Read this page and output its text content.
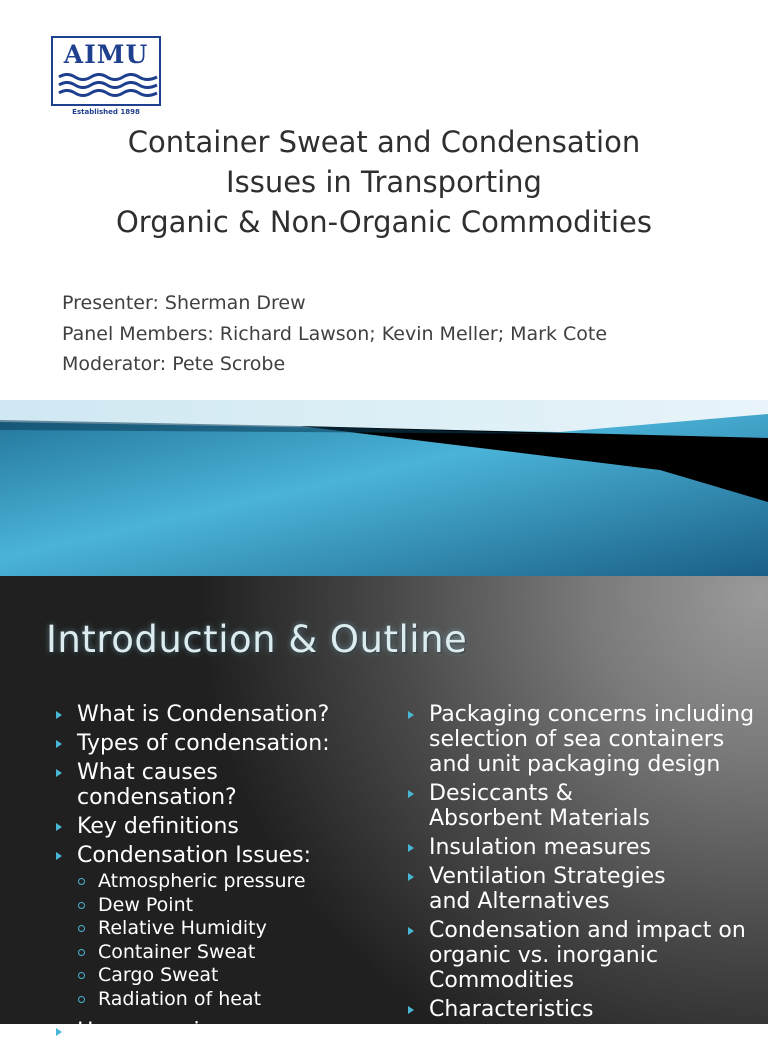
AIMU
Established 1898
Container Sweat and Condensation
Issues in Transporting
Organic & Non-Organic Commodities
Presenter: Sherman Drew
Panel Members: Richard Lawson; Kevin Meller; Mark Cote
Moderator: Pete Scrobe
Introduction & Outline
What is Condensation?
Types of condensation:
What causes condensation?
Key definitions
Condensation Issues:
Atmospheric pressure
Dew Point
Relative Humidity
Container Sweat
Cargo Sweat
Radiation of heat
Hygroscopic
Packaging concerns including selection of sea containers and unit packaging design
Desiccants & Absorbent Materials
Insulation measures
Ventilation Strategies and Alternatives
Condensation and impact on organic vs. inorganic Commodities
Characteristics
